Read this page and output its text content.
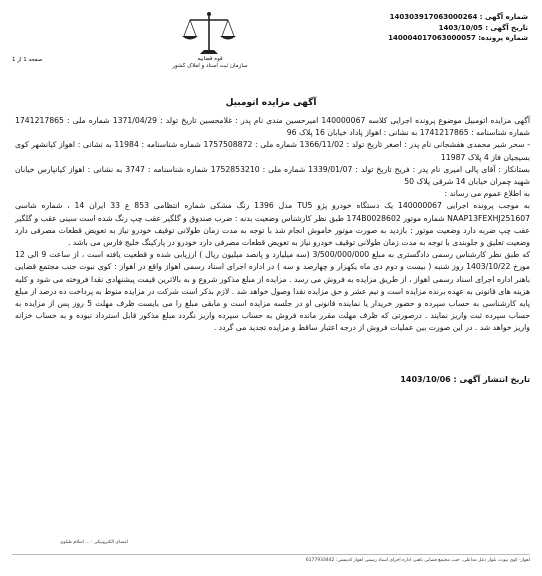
شماره آگهی : 140303917063000264
تاریخ آگهی : 1403/10/05
شماره پرونده: 140004017063000057
قوه قضاییه
سازمان ثبت اسناد و املاک کشور
صفحه 1 از 1
آگهی مزایده اتومبیل

آگهی مزایده اتومبیل موضوع پرونده اجرایی کلاسه 140000067 امیرحسین مندی نام پدر : غلامحسین تاریخ تولد : 1371/04/29 شماره ملی : 1741217865 شماره شناسنامه : 1741217865 به نشانی : اهواز پاداد خیابان 16 پلاک 96

- سحر شیر محمدی هفشجانی نام پدر : اصغر تاریخ تولد : 1366/11/02 شماره ملی : 1757508872 شماره شناسنامه : 11984 به نشانی : اهواز کیانشهر کوی بسیجیان فاز 4 پلاک 11987

بستانکار : آقای پالی امیری نام پدر : فریح تاریخ تولد : 1339/01/07 شماره ملی : 1752853210 شماره شناسنامه : 3747 به نشانی : اهواز کیانپارس خیابان شهید چمران خیابان 14 شرقی پلاک 50

به اطلاع عموم می رساند :

به موجب پرونده اجرایی 140000067 یک دستگاه خودرو پژو TU5 مدل 1396 رنگ مشکی شماره انتظامی 853 ع 33 ایران 14 ، شماره شاسی NAAP13FEXHJ251607 شماره موتور 174B0028602 طبق نظر کارشناس وضعیت بدنه : ضرب صندوق و گلگیر عقب چپ رنگ شده است سینی عقب و گلگیر عقب چپ ضربه دارد وضعیت موتور : بازدید به صورت موتور خاموش انجام شد با توجه به مدت زمان طولانی توقیف خودرو نیاز به تعویض قطعات مصرفی دارد وضعیت تعلیق و جلوبندی با توجه به مدت زمان طولانی توقیف خودرو نیاز به تعویض قطعات مصرفی دارد خودرو در پارکینگ خلیج فارس می باشد .

که طبق نظر کارشناس رسمی دادگستری به مبلغ 3/500/000/000 (سه میلیارد و پانصد میلیون ریال ) ارزیابی شده و قطعیت یافته است ، از ساعت 9 الی 12 مورخ 1403/10/22 روز شنبه ( بیست و دوم دی ماه یکهزار و چهارصد و سه ) در اداره اجرای اسناد رسمی اهواز واقع در اهواز : کوی نبوت جنب مجتمع قضایی باهنر اداره اجرای اسناد رسمی اهواز ، از طریق مزایده به فروش می رسد . مزایده از مبلغ مذکور شروع و به بالاترین قیمت پیشنهادی نقدا فروخته می شود و کلیه هزینه های قانونی به عهده برنده مزایده است و نیم عشر و حق مزایده نقدا وصول خواهد شد . لازم بذکر است شرکت در مزایده منوط به پرداخت ده درصد از مبلغ پایه کارشناسی به حساب سپرده و حضور خریدار یا نماینده قانونی او در جلسه مزایده است و مابقی مبلغ را می بایست ظرف مهلت 5 روز پس از مزایده به حساب سپرده ثبت واریز نمایند . درصورتی که ظرف مهلت مقرر مانده فروش به حساب سپرده واریز نگردد مبلغ مذکور قابل استرداد نبوده و به حساب خزانه واریز خواهد شد . در این صورت بین عملیات فروش از درجه اعتبار ساقط و مزایده تجدید می گردد .

تاریخ انتشار آگهی : 1403/10/06
امضای الکترونیکی : ... اسلام طیاوی
اهواز- کوی نبوت، بلوار دعل مداعلی، جنب مجتمع قضایی باهنر، اداره اجرای اسناد رسمی اهواز کدپستی: 6177933442
